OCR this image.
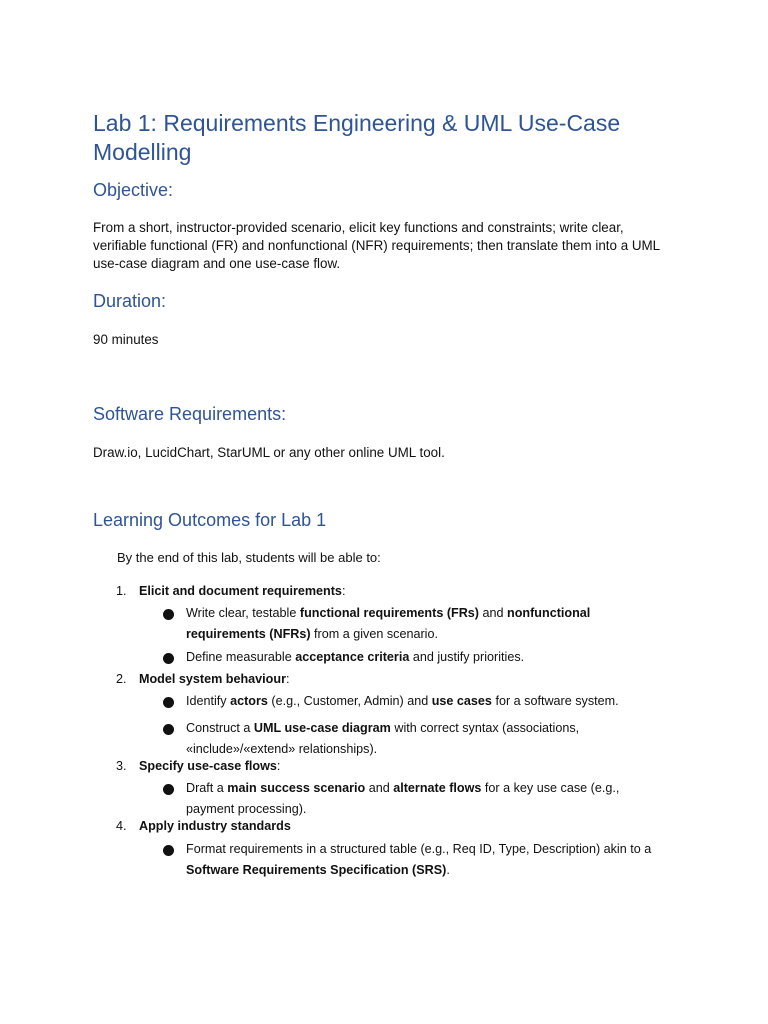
Lab 1: Requirements Engineering & UML Use-Case Modelling
Objective:

From a short, instructor-provided scenario, elicit key functions and constraints; write clear, verifiable functional (FR) and nonfunctional (NFR) requirements; then translate them into a UML use-case diagram and one use-case flow.

Duration:

90 minutes

Software Requirements:

Draw.io, LucidChart, StarUML or any other online UML tool.

Learning Outcomes for Lab 1

By the end of this lab, students will be able to:

1. Elicit and document requirements:
Write clear, testable functional requirements (FRs) and nonfunctional requirements (NFRs) from a given scenario.
Define measurable acceptance criteria and justify priorities.
2. Model system behaviour:
Identify actors (e.g., Customer, Admin) and use cases for a software system.
Construct a UML use-case diagram with correct syntax (associations, «include»/«extend» relationships).
3. Specify use-case flows:
Draft a main success scenario and alternate flows for a key use case (e.g., payment processing).
4. Apply industry standards
Format requirements in a structured table (e.g., Req ID, Type, Description) akin to a Software Requirements Specification (SRS).
